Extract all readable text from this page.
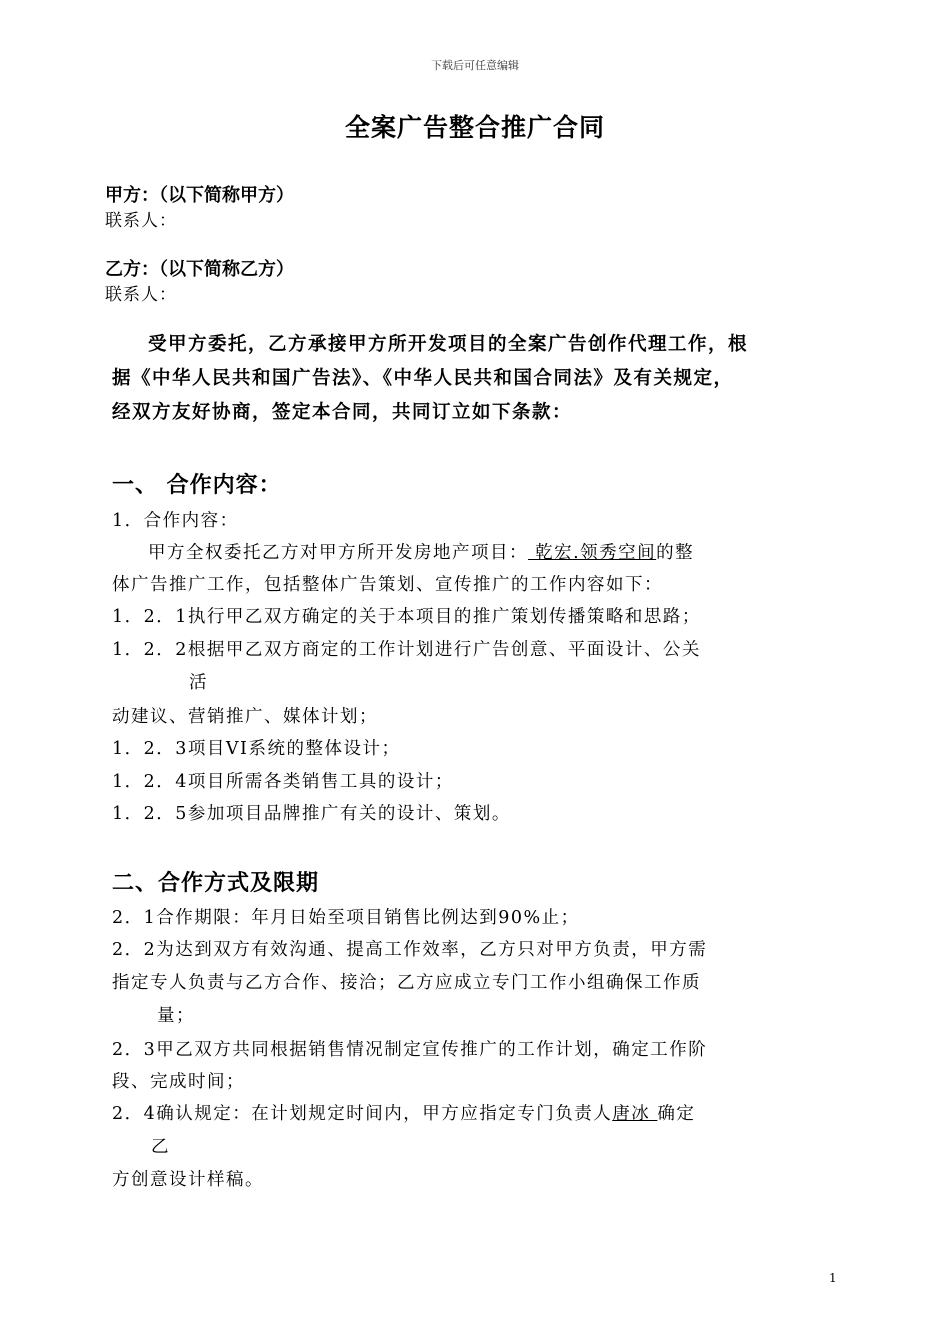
下载后可任意编辑
全案广告整合推广合同
甲方：（以下简称甲方）
联系人：
乙方：（以下简称乙方）
联系人：
受甲方委托，乙方承接甲方所开发项目的全案广告创作代理工作，根
据《中华人民共和国广告法》、《中华人民共和国合同法》及有关规定，
经双方友好协商，签定本合同，共同订立如下条款：
一、 合作内容：
1．合作内容：
甲方全权委托乙方对甲方所开发房地产项目： 乾宏.领秀空间的整
体广告推广工作，包括整体广告策划、宣传推广的工作内容如下：
1．2．1执行甲乙双方确定的关于本项目的推广策划传播策略和思路；
1．2．2根据甲乙双方商定的工作计划进行广告创意、平面设计、公关
活
动建议、营销推广、媒体计划；
1．2．3项目VI系统的整体设计；
1．2．4项目所需各类销售工具的设计；
1．2．5参加项目品牌推广有关的设计、策划。
二、合作方式及限期
2．1合作期限：年月日始至项目销售比例达到90%止；
2．2为达到双方有效沟通、提高工作效率，乙方只对甲方负责，甲方需
指定专人负责与乙方合作、接洽；乙方应成立专门工作小组确保工作质
量；
2．3甲乙双方共同根据销售情况制定宣传推广的工作计划，确定工作阶
段、完成时间；
2．4确认规定：在计划规定时间内，甲方应指定专门负责人唐冰 确定
乙
方创意设计样稿。
1
